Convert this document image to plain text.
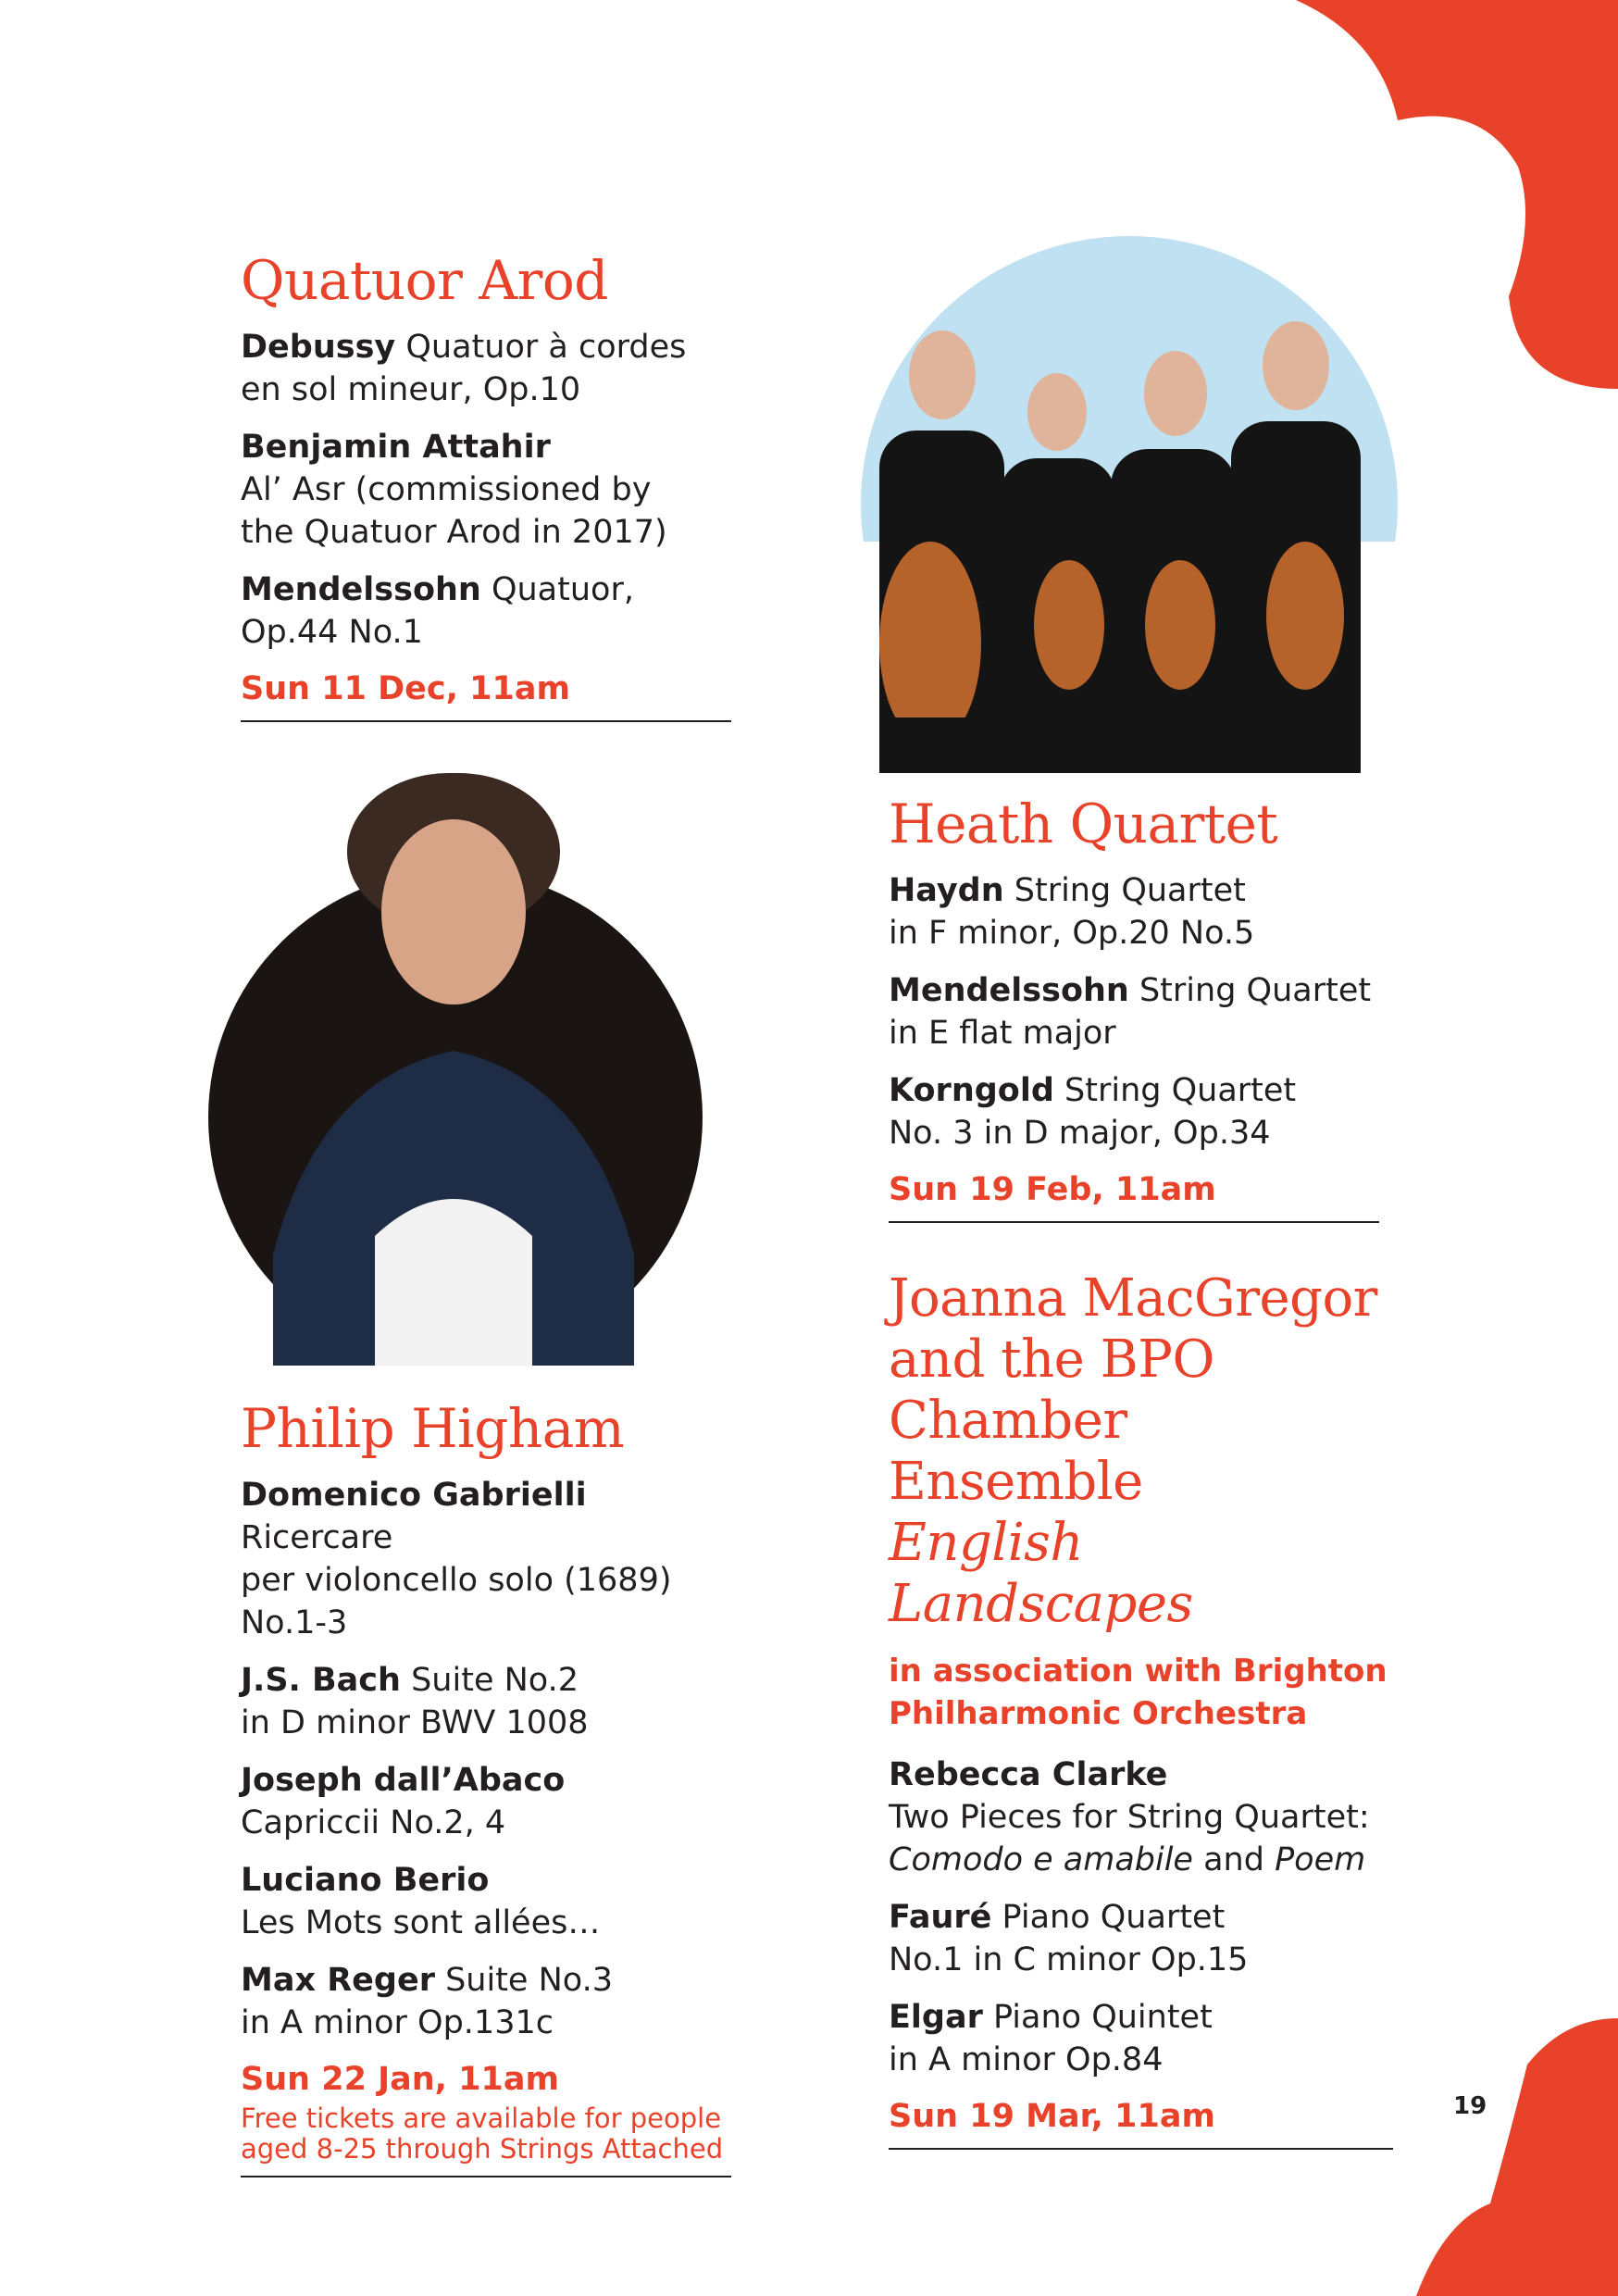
Quatuor Arod

Debussy Quatuor à cordes
en sol mineur, Op.10

Benjamin Attahir
Al’ Asr (commissioned by
the Quatuor Arod in 2017)

Mendelssohn Quatuor,
Op.44 No.1

Sun 11 Dec, 11am

Philip Higham

Domenico Gabrielli Ricercare
per violoncello solo (1689)
No.1-3

J.S. Bach Suite No.2
in D minor BWV 1008

Joseph dall’Abaco
Capriccii No.2, 4

Luciano Berio
Les Mots sont allées…

Max Reger Suite No.3
in A minor Op.131c

Sun 22 Jan, 11am

Free tickets are available for people
aged 8-25 through Strings Attached

Heath Quartet

Haydn String Quartet
in F minor, Op.20 No.5

Mendelssohn String Quartet
in E flat major

Korngold String Quartet
No. 3 in D major, Op.34

Sun 19 Feb, 11am

Joanna MacGregor
and the BPO
Chamber Ensemble
English Landscapes

in association with Brighton
Philharmonic Orchestra

Rebecca Clarke
Two Pieces for String Quartet:
Comodo e amabile and Poem

Fauré Piano Quartet
No.1 in C minor Op.15

Elgar Piano Quintet
in A minor Op.84

Sun 19 Mar, 11am	19
